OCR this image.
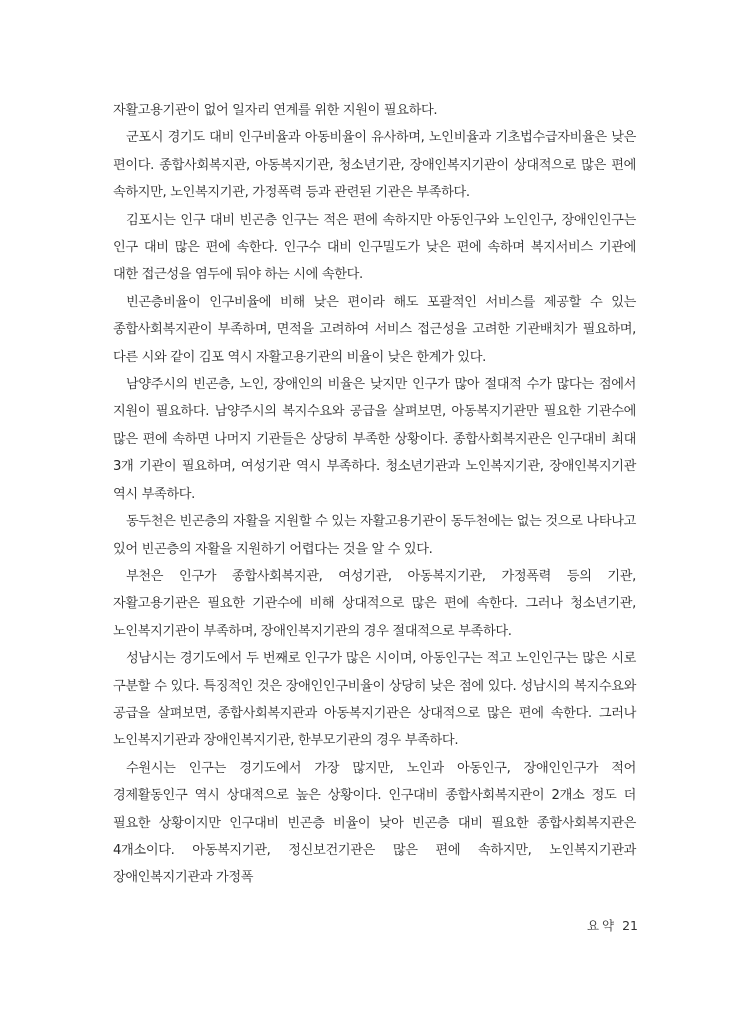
자활고용기관이 없어 일자리 연계를 위한 지원이 필요하다.

군포시 경기도 대비 인구비율과 아동비율이 유사하며, 노인비율과 기초법수급자비율은 낮은 편이다. 종합사회복지관, 아동복지기관, 청소년기관, 장애인복지기관이 상대적으로 많은 편에 속하지만, 노인복지기관, 가정폭력 등과 관련된 기관은 부족하다.

김포시는 인구 대비 빈곤층 인구는 적은 편에 속하지만 아동인구와 노인인구, 장애인인구는 인구 대비 많은 편에 속한다. 인구수 대비 인구밀도가 낮은 편에 속하며 복지서비스 기관에 대한 접근성을 염두에 둬야 하는 시에 속한다.

빈곤층비율이 인구비율에 비해 낮은 편이라 해도 포괄적인 서비스를 제공할 수 있는 종합사회복지관이 부족하며, 면적을 고려하여 서비스 접근성을 고려한 기관배치가 필요하며, 다른 시와 같이 김포 역시 자활고용기관의 비율이 낮은 한계가 있다.

남양주시의 빈곤층, 노인, 장애인의 비율은 낮지만 인구가 많아 절대적 수가 많다는 점에서 지원이 필요하다. 남양주시의 복지수요와 공급을 살펴보면, 아동복지기관만 필요한 기관수에 많은 편에 속하면 나머지 기관들은 상당히 부족한 상황이다. 종합사회복지관은 인구대비 최대 3개 기관이 필요하며, 여성기관 역시 부족하다. 청소년기관과 노인복지기관, 장애인복지기관 역시 부족하다.

동두천은 빈곤층의 자활을 지원할 수 있는 자활고용기관이 동두천에는 없는 것으로 나타나고 있어 빈곤층의 자활을 지원하기 어렵다는 것을 알 수 있다.

부천은 인구가 종합사회복지관, 여성기관, 아동복지기관, 가정폭력 등의 기관, 자활고용기관은 필요한 기관수에 비해 상대적으로 많은 편에 속한다. 그러나 청소년기관, 노인복지기관이 부족하며, 장애인복지기관의 경우 절대적으로 부족하다.

성남시는 경기도에서 두 번째로 인구가 많은 시이며, 아동인구는 적고 노인인구는 많은 시로 구분할 수 있다. 특징적인 것은 장애인인구비율이 상당히 낮은 점에 있다. 성남시의 복지수요와 공급을 살펴보면, 종합사회복지관과 아동복지기관은 상대적으로 많은 편에 속한다. 그러나 노인복지기관과 장애인복지기관, 한부모기관의 경우 부족하다.

수원시는 인구는 경기도에서 가장 많지만, 노인과 아동인구, 장애인인구가 적어 경제활동인구 역시 상대적으로 높은 상황이다. 인구대비 종합사회복지관이 2개소 정도 더 필요한 상황이지만 인구대비 빈곤층 비율이 낮아 빈곤층 대비 필요한 종합사회복지관은 4개소이다. 아동복지기관, 정신보건기관은 많은 편에 속하지만, 노인복지기관과 장애인복지기관과 가정폭

요약 21
